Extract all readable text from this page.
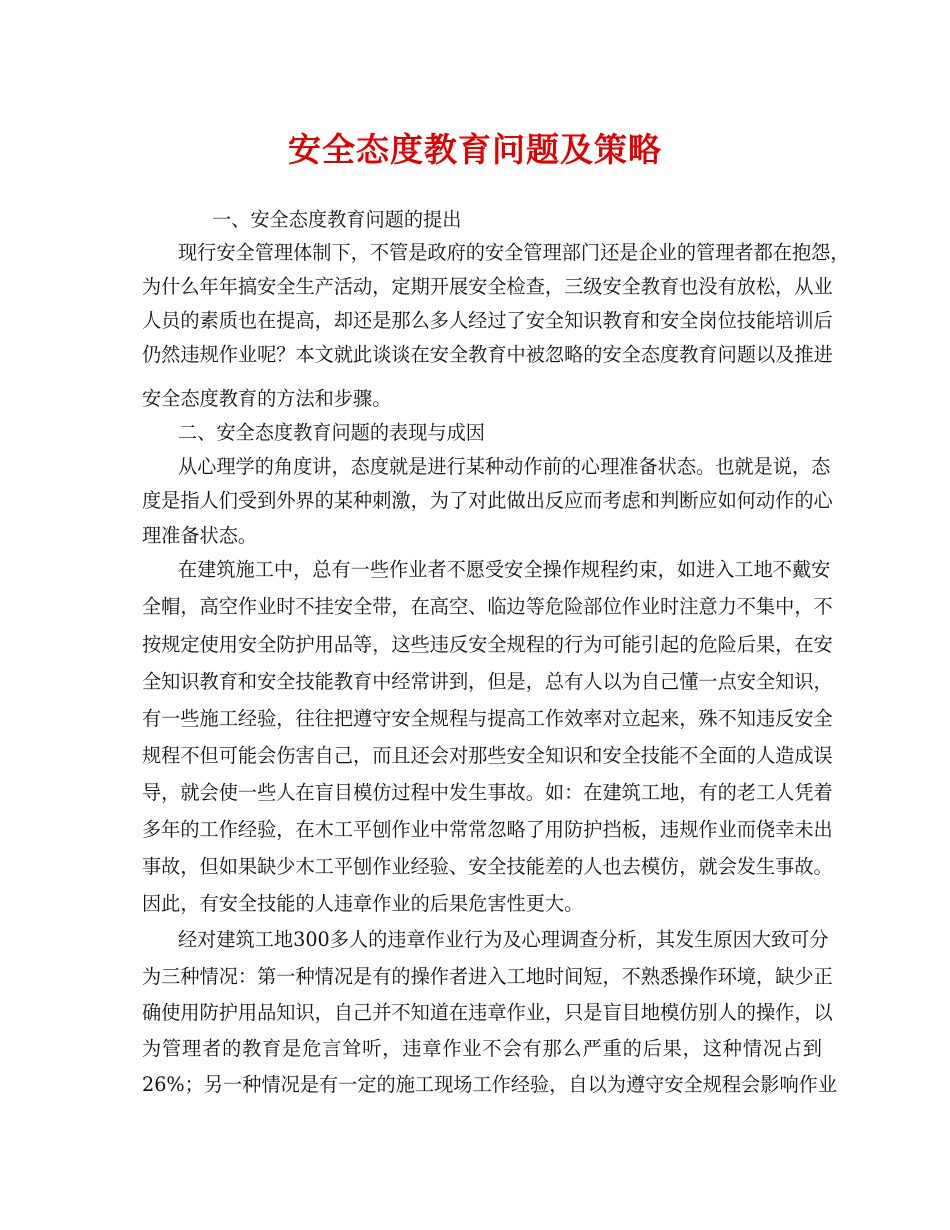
安全态度教育问题及策略

一、安全态度教育问题的提出

现行安全管理体制下，不管是政府的安全管理部门还是企业的管理者都在抱怨，

为什么年年搞安全生产活动，定期开展安全检查，三级安全教育也没有放松，从业

人员的素质也在提高，却还是那么多人经过了安全知识教育和安全岗位技能培训后

仍然违规作业呢？本文就此谈谈在安全教育中被忽略的安全态度教育问题以及推进

安全态度教育的方法和步骤。

二、安全态度教育问题的表现与成因

从心理学的角度讲，态度就是进行某种动作前的心理准备状态。也就是说，态

度是指人们受到外界的某种刺激，为了对此做出反应而考虑和判断应如何动作的心

理准备状态。

在建筑施工中，总有一些作业者不愿受安全操作规程约束，如进入工地不戴安

全帽，高空作业时不挂安全带，在高空、临边等危险部位作业时注意力不集中，不

按规定使用安全防护用品等，这些违反安全规程的行为可能引起的危险后果，在安

全知识教育和安全技能教育中经常讲到，但是，总有人以为自己懂一点安全知识，

有一些施工经验，往往把遵守安全规程与提高工作效率对立起来，殊不知违反安全

规程不但可能会伤害自己，而且还会对那些安全知识和安全技能不全面的人造成误

导，就会使一些人在盲目模仿过程中发生事故。如：在建筑工地，有的老工人凭着

多年的工作经验，在木工平刨作业中常常忽略了用防护挡板，违规作业而侥幸未出

事故，但如果缺少木工平刨作业经验、安全技能差的人也去模仿，就会发生事故。

因此，有安全技能的人违章作业的后果危害性更大。

经对建筑工地300多人的违章作业行为及心理调查分析，其发生原因大致可分

为三种情况：第一种情况是有的操作者进入工地时间短，不熟悉操作环境，缺少正

确使用防护用品知识，自己并不知道在违章作业，只是盲目地模仿别人的操作，以

为管理者的教育是危言耸听，违章作业不会有那么严重的后果，这种情况占到

26%；另一种情况是有一定的施工现场工作经验，自以为遵守安全规程会影响作业
